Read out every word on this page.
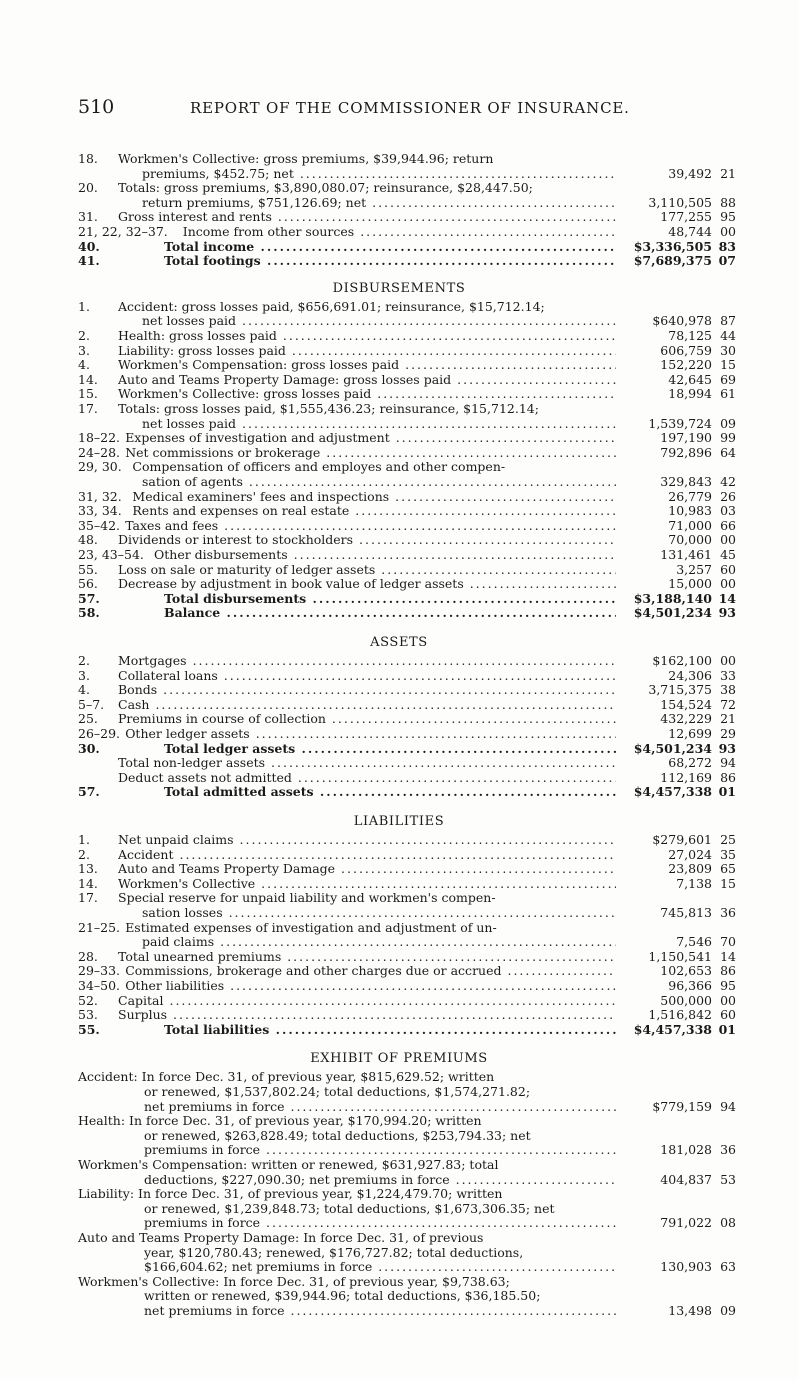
510	REPORT OF THE COMMISSIONER OF INSURANCE.
18. Workmen's Collective: gross premiums, $39,944.96; return
premiums, $452.75; net .....	39,492 21
20. Totals: gross premiums, $3,890,080.07; reinsurance, $28,447.50;
return premiums, $751,126.69; net .....	3,110,505 88
31. Gross interest and rents .....	177,255 95
21, 22, 32–37. Income from other sources .....	48,744 00
40.	Total income .....	$3,336,505 83
41.	Total footings .....	$7,689,375 07
DISBURSEMENTS
1. Accident: gross losses paid, $656,691.01; reinsurance, $15,712.14;
net losses paid .....	$640,978 87
2. Health: gross losses paid .....	78,125 44
3. Liability: gross losses paid .....	606,759 30
4. Workmen's Compensation: gross losses paid .....	152,220 15
14. Auto and Teams Property Damage: gross losses paid .....	42,645 69
15. Workmen's Collective: gross losses paid .....	18,994 61
17. Totals: gross losses paid, $1,555,436.23; reinsurance, $15,712.14;
net losses paid .....	1,539,724 09
18–22. Expenses of investigation and adjustment .....	197,190 99
24–28. Net commissions or brokerage .....	792,896 64
29, 30. Compensation of officers and employes and other compen-
sation of agents .....	329,843 42
31, 32. Medical examiners' fees and inspections .....	26,779 26
33, 34. Rents and expenses on real estate .....	10,983 03
35–42. Taxes and fees .....	71,000 66
48. Dividends or interest to stockholders .....	70,000 00
23, 43–54. Other disbursements .....	131,461 45
55. Loss on sale or maturity of ledger assets .....	3,257 60
56. Decrease by adjustment in book value of ledger assets .....	15,000 00
57.	Total disbursements .....	$3,188,140 14
58.	Balance .....	$4,501,234 93
ASSETS
2. Mortgages .....	$162,100 00
3. Collateral loans .....	24,306 33
4. Bonds .....	3,715,375 38
5–7. Cash .....	154,524 72
25. Premiums in course of collection .....	432,229 21
26–29. Other ledger assets .....	12,699 29
30.	Total ledger assets .....	$4,501,234 93
Total non-ledger assets .....	68,272 94
Deduct assets not admitted .....	112,169 86
57.	Total admitted assets .....	$4,457,338 01
LIABILITIES
1. Net unpaid claims .....	$279,601 25
2. Accident .....	27,024 35
13. Auto and Teams Property Damage .....	23,809 65
14. Workmen's Collective .....	7,138 15
17. Special reserve for unpaid liability and workmen's compen-
sation losses .....	745,813 36
21–25. Estimated expenses of investigation and adjustment of un-
paid claims .....	7,546 70
28. Total unearned premiums .....	1,150,541 14
29–33. Commissions, brokerage and other charges due or accrued .....	102,653 86
34–50. Other liabilities .....	96,366 95
52. Capital .....	500,000 00
53. Surplus .....	1,516,842 60
55.	Total liabilities .....	$4,457,338 01
EXHIBIT OF PREMIUMS
Accident: In force Dec. 31, of previous year, $815,629.52; written
or renewed, $1,537,802.24; total deductions, $1,574,271.82;
net premiums in force .....	$779,159 94
Health: In force Dec. 31, of previous year, $170,994.20; written
or renewed, $263,828.49; total deductions, $253,794.33; net
premiums in force .....	181,028 36
Workmen's Compensation: written or renewed, $631,927.83; total
deductions, $227,090.30; net premiums in force .....	404,837 53
Liability: In force Dec. 31, of previous year, $1,224,479.70; written
or renewed, $1,239,848.73; total deductions, $1,673,306.35; net
premiums in force .....	791,022 08
Auto and Teams Property Damage: In force Dec. 31, of previous
year, $120,780.43; renewed, $176,727.82; total deductions,
$166,604.62; net premiums in force .....	130,903 63
Workmen's Collective: In force Dec. 31, of previous year, $9,738.63;
written or renewed, $39,944.96; total deductions, $36,185.50;
net premiums in force .....	13,498 09
